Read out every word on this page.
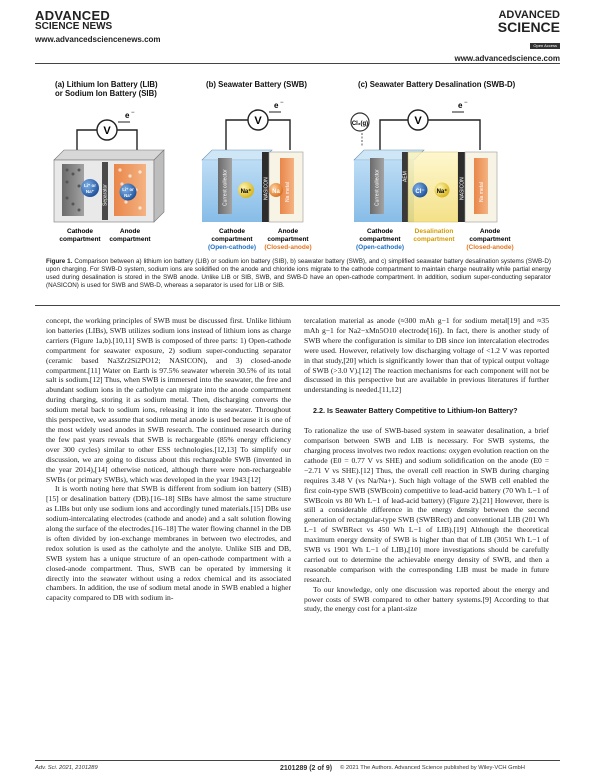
ADVANCED
SCIENCE NEWS
www.advancedsciencenews.com
ADVANCED
SCIENCE
Open Access
www.advancedscience.com
(a) Lithium Ion Battery (LIB)
or Sodium Ion Battery (SIB)
(b) Seawater Battery (SWB)	(c) Seawater Battery Desalination (SWB-D)
V
e −
Li⁺ or
Na⁺ Separator	Li⁺ or
Na⁺
Cathode
compartment
Anode
compartment
V
e −
Current collector Na⁺ NASICON	Na metal
Na
Cathode
compartment
(Open-cathode)
Anode
compartment
(Closed-anode)
V
e −
Cl₂(g)
Current collector	AEM
Cl⁻ Na⁺ NASICON	Na metal
Cathode
compartment
(Open-cathode)
Desalination
compartment
Anode
compartment
(Closed-anode)
Figure 1. Comparison between a) lithium ion battery (LIB) or sodium ion battery (SIB), b) seawater battery (SWB), and c) simplified seawater battery desalination systems (SWB-D) upon charging. For SWB-D system, sodium ions are solidified on the anode and chloride ions migrate to the cathode compartment to maintain charge neutrality while partial energy used during desalination is stored in the SWB anode. Unlike LIB or SIB, SWB, and SWB-D have an open-cathode compartment. In addition, sodium super-conducting separator (NASICON) is used for SWB and SWB-D, whereas a separator is used for LIB or SIB.

concept, the working principles of SWB must be discussed first. Unlike lithium ion batteries (LIBs), SWB utilizes sodium ions instead of lithium ions as charge carriers (Figure 1a,b).[10,11] SWB is composed of three parts: 1) Open-cathode compartment for seawater exposure, 2) sodium super-conducting separator (ceramic based Na3Zr2Si2PO12; NASICON), and 3) closed-anode compartment.[11] Water on Earth is 97.5% seawater wherein 30.5% of its total salt is sodium.[12] Thus, when SWB is immersed into the seawater, the free and abundant sodium ions in the catholyte can migrate into the anode compartment during charging, storing it as sodium metal. Then, discharging converts the sodium metal back to sodium ions, releasing it into the seawater. Throughout this perspective, we assume that sodium metal anode is used because it is one of the most widely used anodes in SWB research. The continued research during the few past years reveals that SWB is rechargeable (85% energy efficiency over 300 cycles) similar to other ESS technologies.[12,13] To simplify our discussion, we are going to discuss about this rechargeable SWB (invented in the year 2014),[14] otherwise noticed, although there were non-rechargeable SWBs (or primary SWBs), which was developed in the year 1943.[12]

It is worth noting here that SWB is different from sodium ion battery (SIB)[15] or desalination battery (DB).[16–18] SIBs have almost the same structure as LIBs but only use sodium ions and accordingly tuned materials.[15] DBs use sodium-intercalating electrodes (cathode and anode) and a salt solution flowing along the surface of the electrodes.[16–18] The water flowing channel in the DB is often divided by ion-exchange membranes in between two electrodes, and redox solution is used as the catholyte and the anolyte. Unlike SIB and DB, SWB system has a unique structure of an open-cathode compartment with a closed-anode compartment. Thus, SWB can be operated by immersing it directly into the seawater without using a redox chemical and its associated chambers. In addition, the use of sodium metal anode in SWB enabled a higher capacity compared to DB with sodium in-

tercalation material as anode (≈300 mAh g−1 for sodium metal[19] and ≈35 mAh g−1 for Na2−xMn5O10 electrode[16]). In fact, there is another study of SWB where the configuration is similar to DB since ion intercalation electrodes were used. However, relatively low discharging voltage of <1.2 V was reported in that study,[20] which is significantly lower than that of typical output voltage of SWB (>3.0 V).[12] The reaction mechanisms for each component will not be discussed in this perspective but are available in previous literatures if further understanding is needed.[11,12]

2.2. Is Seawater Battery Competitive to Lithium-Ion Battery?

To rationalize the use of SWB-based system in seawater desalination, a brief comparison between SWB and LIB is necessary. For SWB systems, the charging process involves two redox reactions: oxygen evolution reaction on the cathode (E0 = 0.77 V vs SHE) and sodium solidification on the anode (E0 = −2.71 V vs SHE).[12] Thus, the overall cell reaction in SWB during charging requires 3.48 V (vs Na/Na+). Such high voltage of the SWB cell enabled the first coin-type SWB (SWBcoin) competitive to lead-acid battery (70 Wh L−1 of SWBcoin vs 80 Wh L−1 of lead-acid battery) (Figure 2).[21] However, there is still a considerable difference in the energy density between the second generation of rectangular-type SWB (SWBRect) and conventional LIB (201 Wh L−1 of SWBRect vs 450 Wh L−1 of LIB).[19] Although the theoretical maximum energy density of SWB is higher than that of LIB (3051 Wh L−1 of SWB vs 1901 Wh L−1 of LIB),[10] more investigations should be carefully carried out to determine the achievable energy density of SWB, and then a reasonable comparison with the corresponding LIB must be made in future research.

To our knowledge, only one discussion was reported about the energy and power costs of SWB compared to other battery systems.[9] According to that study, the energy cost for a plant-size

Adv. Sci. 2021, 2101289	2101289 (2 of 9) © 2021 The Authors. Advanced Science published by Wiley-VCH GmbH
